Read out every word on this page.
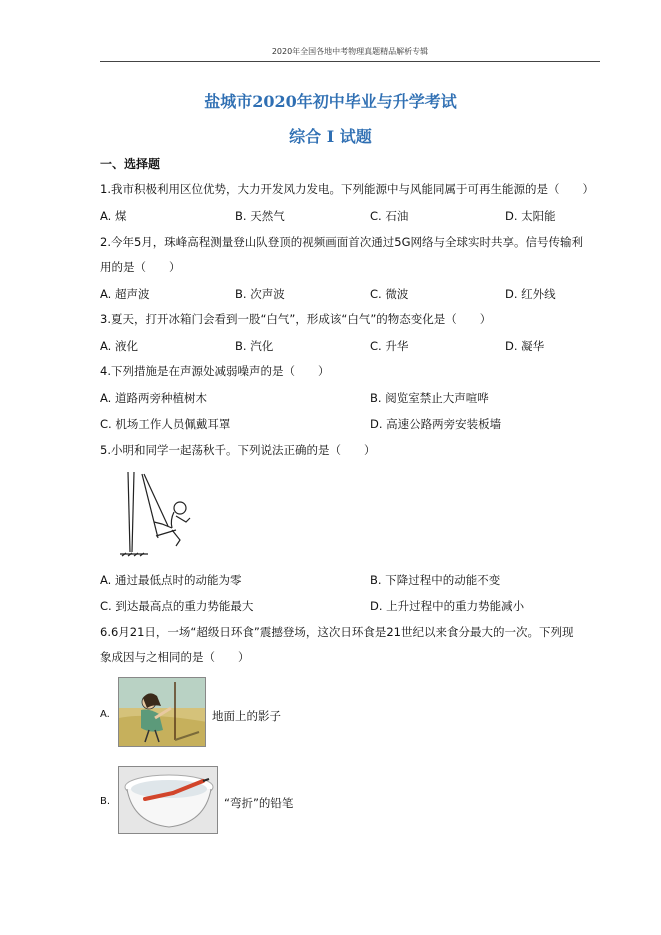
2020年全国各地中考物理真题精品解析专辑
盐城市2020年初中毕业与升学考试
综合 Ⅰ 试题
一、选择题
1.我市积极利用区位优势，大力开发风力发电。下列能源中与风能同属于可再生能源的是（　　）
A. 煤	B. 天然气	C. 石油	D. 太阳能
2.今年5月，珠峰高程测量登山队登顶的视频画面首次通过5G网络与全球实时共享。信号传输利
用的是（　　）
A. 超声波	B. 次声波	C. 微波	D. 红外线
3.夏天，打开冰箱门会看到一股“白气”，形成该“白气”的物态变化是（　　）
A. 液化	B. 汽化	C. 升华	D. 凝华
4.下列措施是在声源处减弱噪声的是（　　）
A. 道路两旁种植树木	B. 阅览室禁止大声喧哗
C. 机场工作人员佩戴耳罩	D. 高速公路两旁安装板墙
5.小明和同学一起荡秋千。下列说法正确的是（　　）
A. 通过最低点时的动能为零	B. 下降过程中的动能不变
C. 到达最高点的重力势能最大	D. 上升过程中的重力势能减小
6.6月21日，一场“超级日环食”震撼登场，这次日环食是21世纪以来食分最大的一次。下列现
象成因与之相同的是（　　）
A.	地面上的影子
B.	“弯折”的铅笔
